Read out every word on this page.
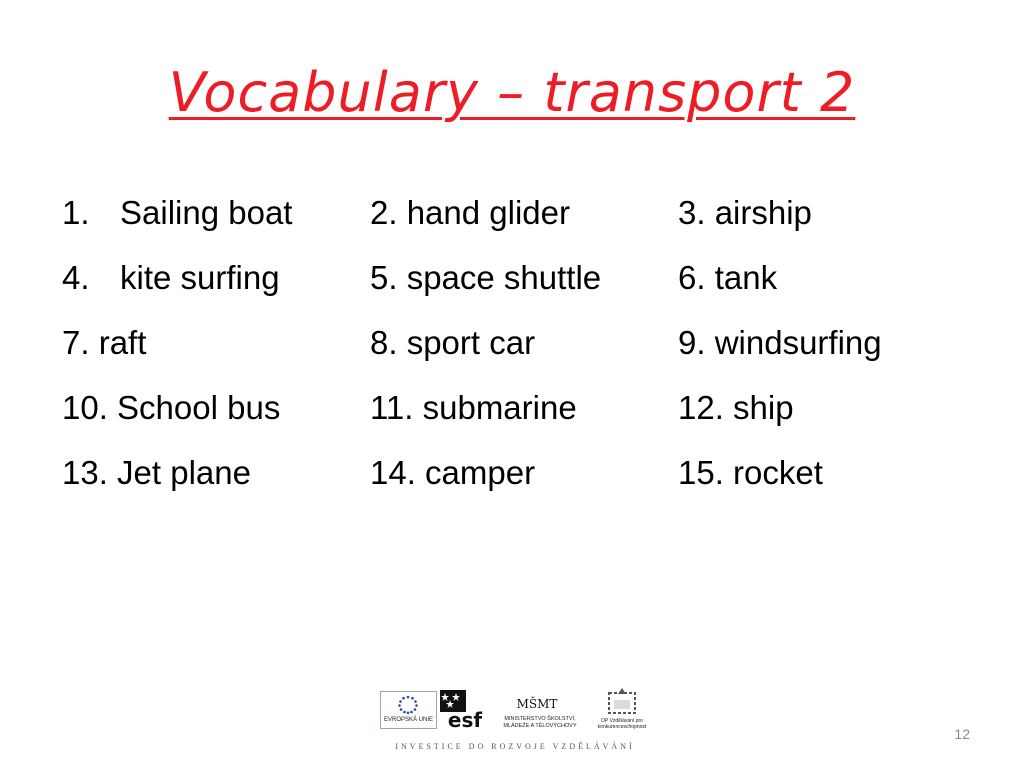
Vocabulary – transport 2
1. Sailing boat	2. hand glider	3. airship
4. kite surfing	5. space shuttle	6. tank
7. raft	8. sport car	9. windsurfing
10. School bus	11. submarine	12. ship
13. Jet plane	14. camper	15. rocket
EVROPSKÁ UNIE esf
MŠMT
MINISTERSTVO ŠKOLSTVÍ, MLÁDEŽE A TĚLOVÝCHOVY
OP Vzdělávání pro konkurenceschopnost
INVESTICE DO ROZVOJE VZDĚLÁVÁNÍ
12
